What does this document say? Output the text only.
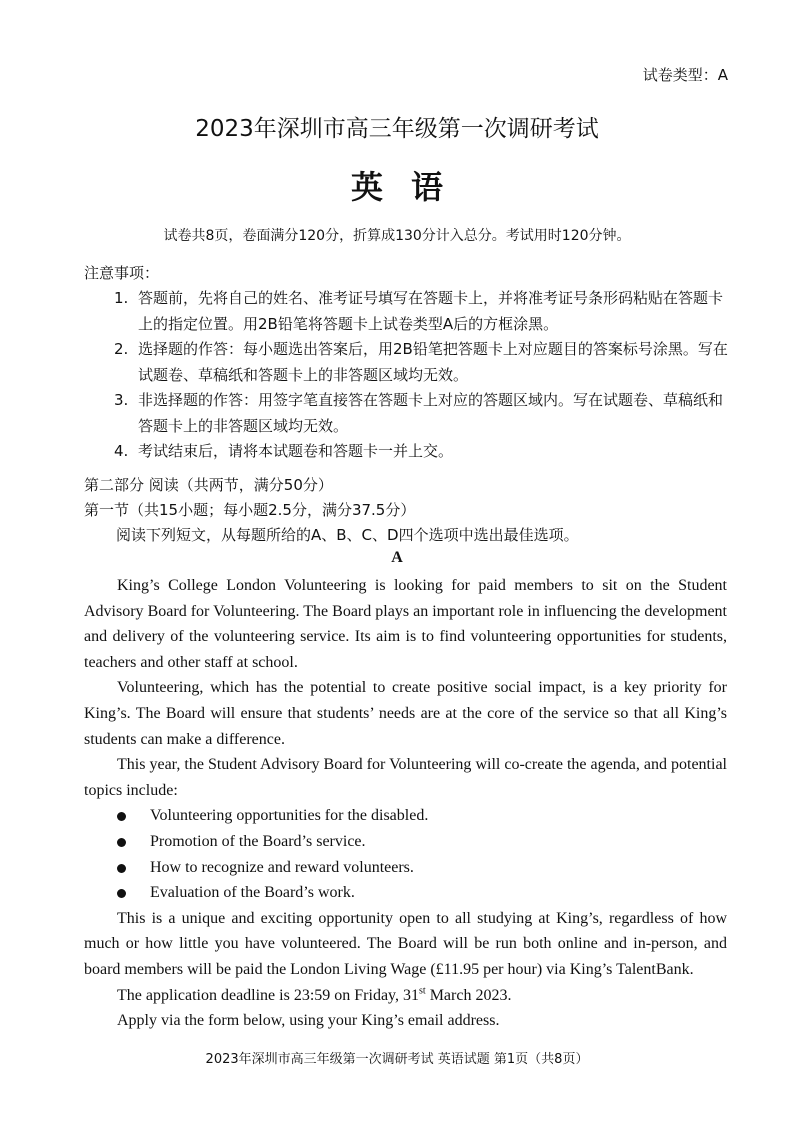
试卷类型：A
2023年深圳市高三年级第一次调研考试
英语
试卷共8页，卷面满分120分，折算成130分计入总分。考试用时120分钟。
注意事项：
1. 答题前，先将自己的姓名、准考证号填写在答题卡上，并将准考证号条形码粘贴在答题卡上的指定位置。用2B铅笔将答题卡上试卷类型A后的方框涂黑。
2. 选择题的作答：每小题选出答案后，用2B铅笔把答题卡上对应题目的答案标号涂黑。写在试题卷、草稿纸和答题卡上的非答题区域均无效。
3. 非选择题的作答：用签字笔直接答在答题卡上对应的答题区域内。写在试题卷、草稿纸和答题卡上的非答题区域均无效。
4. 考试结束后，请将本试题卷和答题卡一并上交。
第二部分 阅读（共两节，满分50分）
第一节（共15小题；每小题2.5分，满分37.5分）
阅读下列短文，从每题所给的A、B、C、D四个选项中选出最佳选项。
A

King’s College London Volunteering is looking for paid members to sit on the Student Advisory Board for Volunteering. The Board plays an important role in influencing the development and delivery of the volunteering service. Its aim is to find volunteering opportunities for students, teachers and other staff at school.

Volunteering, which has the potential to create positive social impact, is a key priority for King’s. The Board will ensure that students’ needs are at the core of the service so that all King’s students can make a difference.

This year, the Student Advisory Board for Volunteering will co-create the agenda, and potential topics include:

Volunteering opportunities for the disabled.
Promotion of the Board’s service.
How to recognize and reward volunteers.
Evaluation of the Board’s work.

This is a unique and exciting opportunity open to all studying at King’s, regardless of how much or how little you have volunteered. The Board will be run both online and in-person, and board members will be paid the London Living Wage (£11.95 per hour) via King’s TalentBank.

The application deadline is 23:59 on Friday, 31st March 2023.

Apply via the form below, using your King’s email address.

2023年深圳市高三年级第一次调研考试 英语试题 第1页（共8页）
